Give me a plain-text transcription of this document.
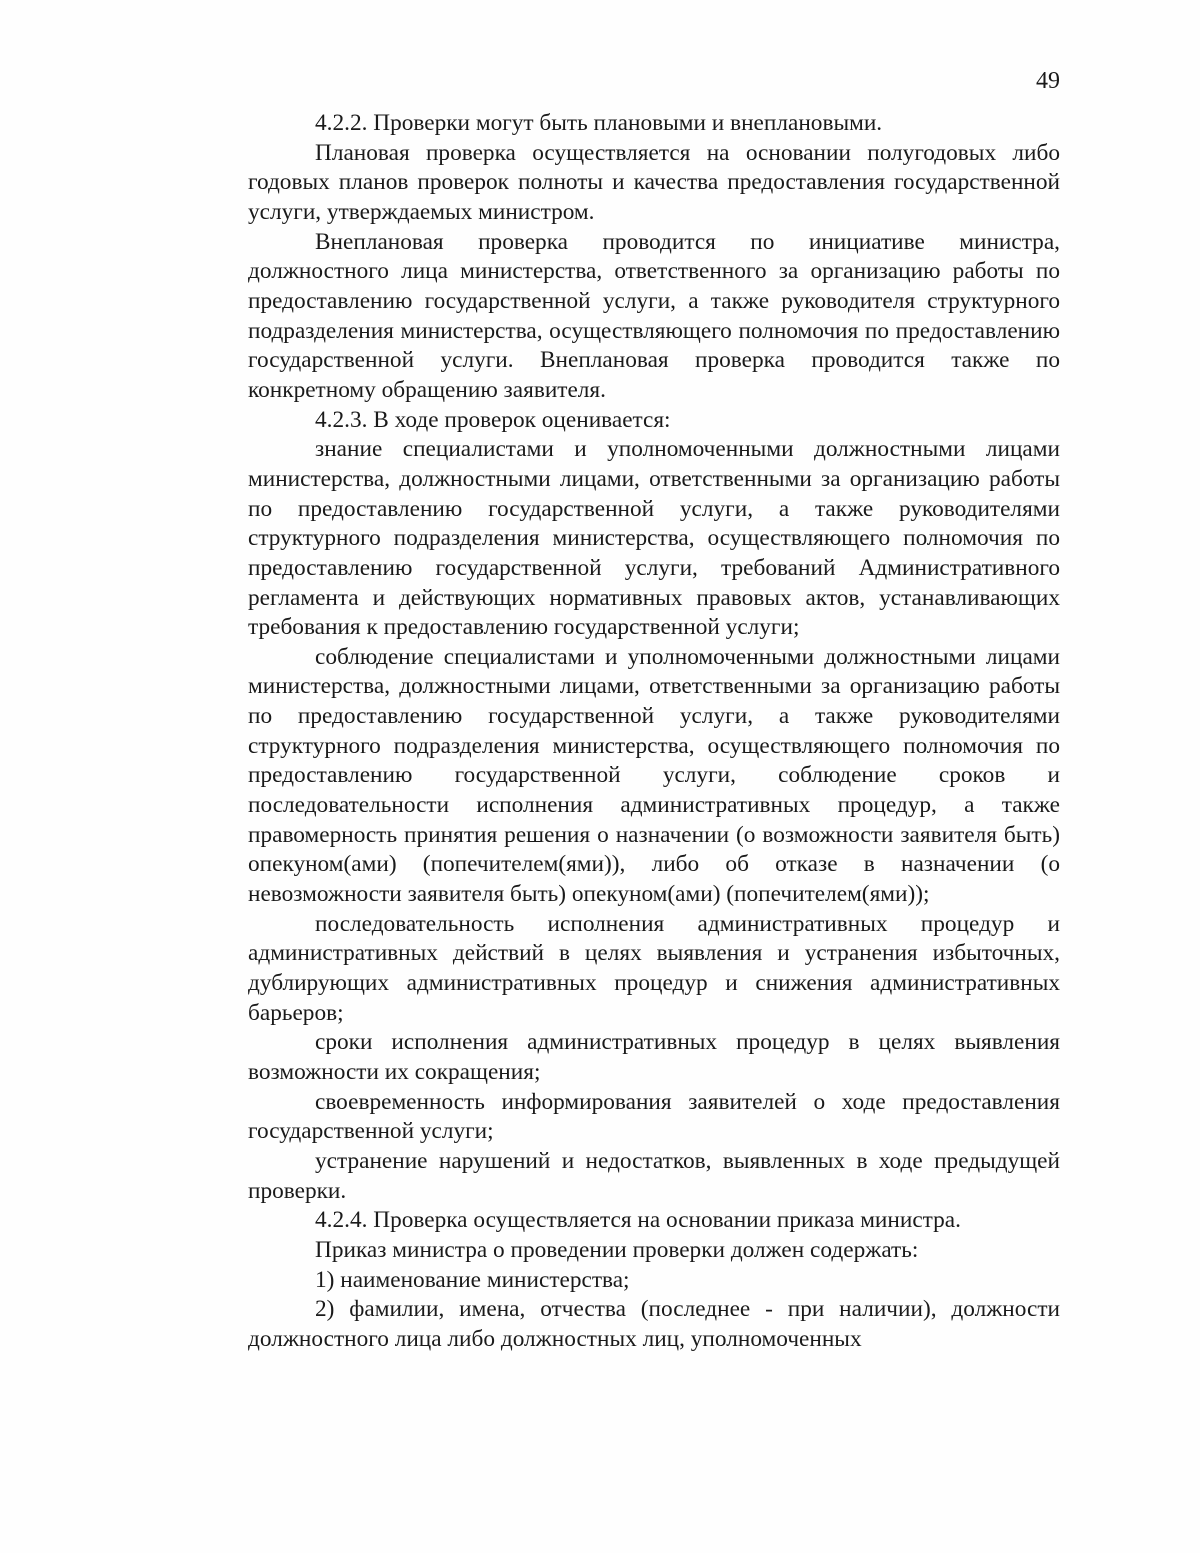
49

4.2.2. Проверки могут быть плановыми и внеплановыми.

Плановая проверка осуществляется на основании полугодовых либо годовых планов проверок полноты и качества предоставления государственной услуги, утверждаемых министром.

Внеплановая проверка проводится по инициативе министра, должностного лица министерства, ответственного за организацию работы по предоставлению государственной услуги, а также руководителя структурного подразделения министерства, осуществляющего полномочия по предоставлению государственной услуги. Внеплановая проверка проводится также по конкретному обращению заявителя.

4.2.3. В ходе проверок оценивается:

знание специалистами и уполномоченными должностными лицами министерства, должностными лицами, ответственными за организацию работы по предоставлению государственной услуги, а также руководителями структурного подразделения министерства, осуществляющего полномочия по предоставлению государственной услуги, требований Административного регламента и действующих нормативных правовых актов, устанавливающих требования к предоставлению государственной услуги;

соблюдение специалистами и уполномоченными должностными лицами министерства, должностными лицами, ответственными за организацию работы по предоставлению государственной услуги, а также руководителями структурного подразделения министерства, осуществляющего полномочия по предоставлению государственной услуги, соблюдение сроков и последовательности исполнения административных процедур, а также правомерность принятия решения о назначении (о возможности заявителя быть) опекуном(ами) (попечителем(ями)), либо об отказе в назначении (о невозможности заявителя быть) опекуном(ами) (попечителем(ями));

последовательность исполнения административных процедур и административных действий в целях выявления и устранения избыточных, дублирующих административных процедур и снижения административных барьеров;

сроки исполнения административных процедур в целях выявления возможности их сокращения;

своевременность информирования заявителей о ходе предоставления государственной услуги;

устранение нарушений и недостатков, выявленных в ходе предыдущей проверки.

4.2.4. Проверка осуществляется на основании приказа министра.

Приказ министра о проведении проверки должен содержать:

1) наименование министерства;

2) фамилии, имена, отчества (последнее - при наличии), должности должностного лица либо должностных лиц, уполномоченных
